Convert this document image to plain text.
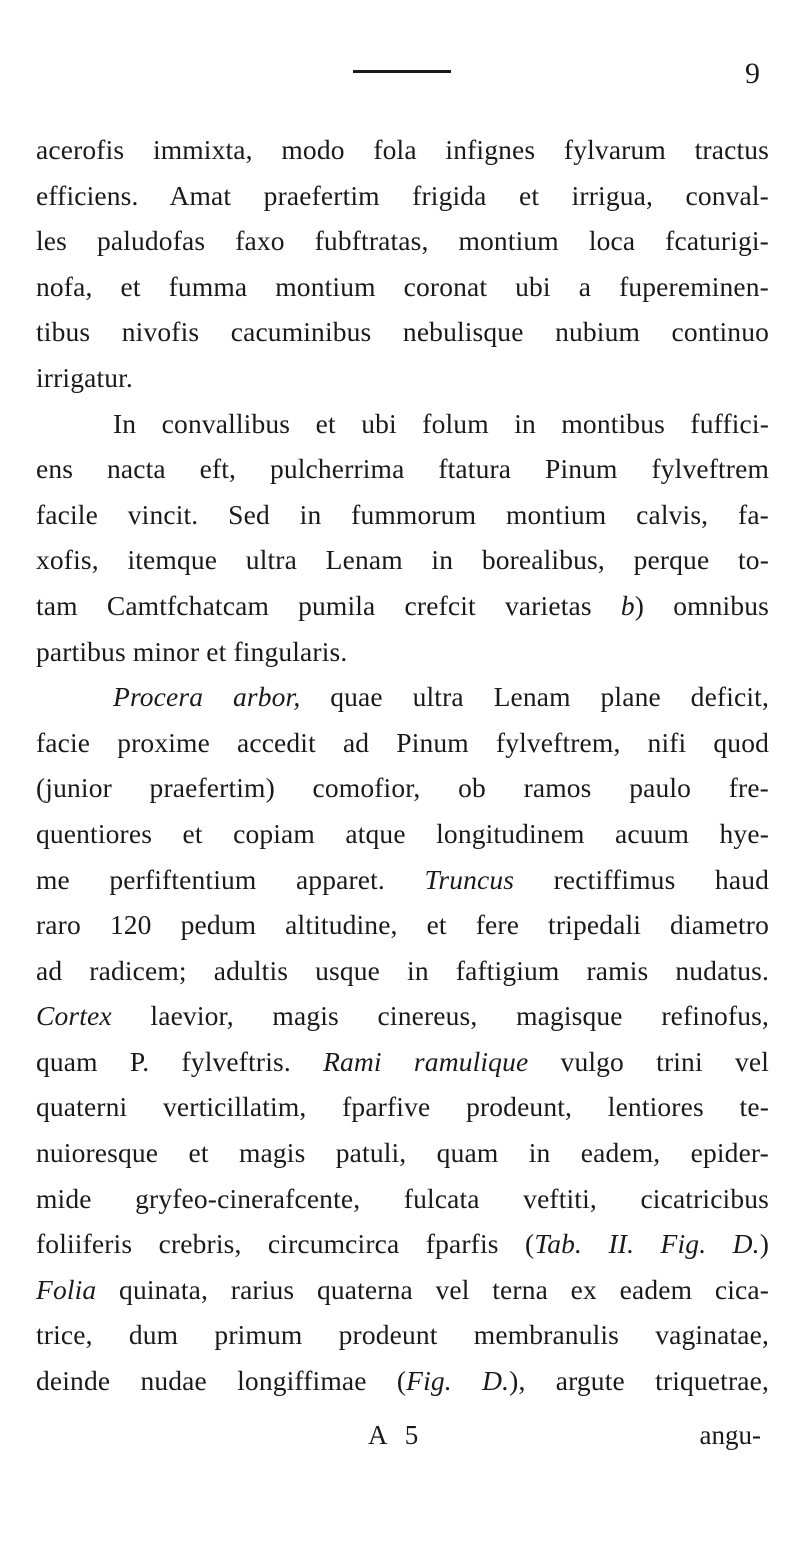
9
acerofis immixta, modo fola infignes fylvarum tractus
efficiens. Amat praefertim frigida et irrigua, conval-
les paludofas faxo fubftratas, montium loca fcaturigi-
nofa, et fumma montium coronat ubi a fupereminen-
tibus nivofis cacuminibus nebulisque nubium continuo
irrigatur.
In convallibus et ubi folum in montibus fuffici-
ens nacta eft, pulcherrima ftatura Pinum fylveftrem
facile vincit. Sed in fummorum montium calvis, fa-
xofis, itemque ultra Lenam in borealibus, perque to-
tam Camtfchatcam pumila crefcit varietas b) omnibus
partibus minor et fingularis.
Procera arbor, quae ultra Lenam plane deficit,
facie proxime accedit ad Pinum fylveftrem, nifi quod
(junior praefertim) comofior, ob ramos paulo fre-
quentiores et copiam atque longitudinem acuum hye-
me perfiftentium apparet. Truncus rectiffimus haud
raro 120 pedum altitudine, et fere tripedali diametro
ad radicem; adultis usque in faftigium ramis nudatus.
Cortex laevior, magis cinereus, magisque refinofus,
quam P. fylveftris. Rami ramulique vulgo trini vel
quaterni verticillatim, fparfive prodeunt, lentiores te-
nuioresque et magis patuli, quam in eadem, epider-
mide gryfeo-cinerafcente, fulcata veftiti, cicatricibus
foliiferis crebris, circumcirca fparfis (Tab. II. Fig. D.)
Folia quinata, rarius quaterna vel terna ex eadem cica-
trice, dum primum prodeunt membranulis vaginatae,
deinde nudae longiffimae (Fig. D.), argute triquetrae,
A 5	angu-
